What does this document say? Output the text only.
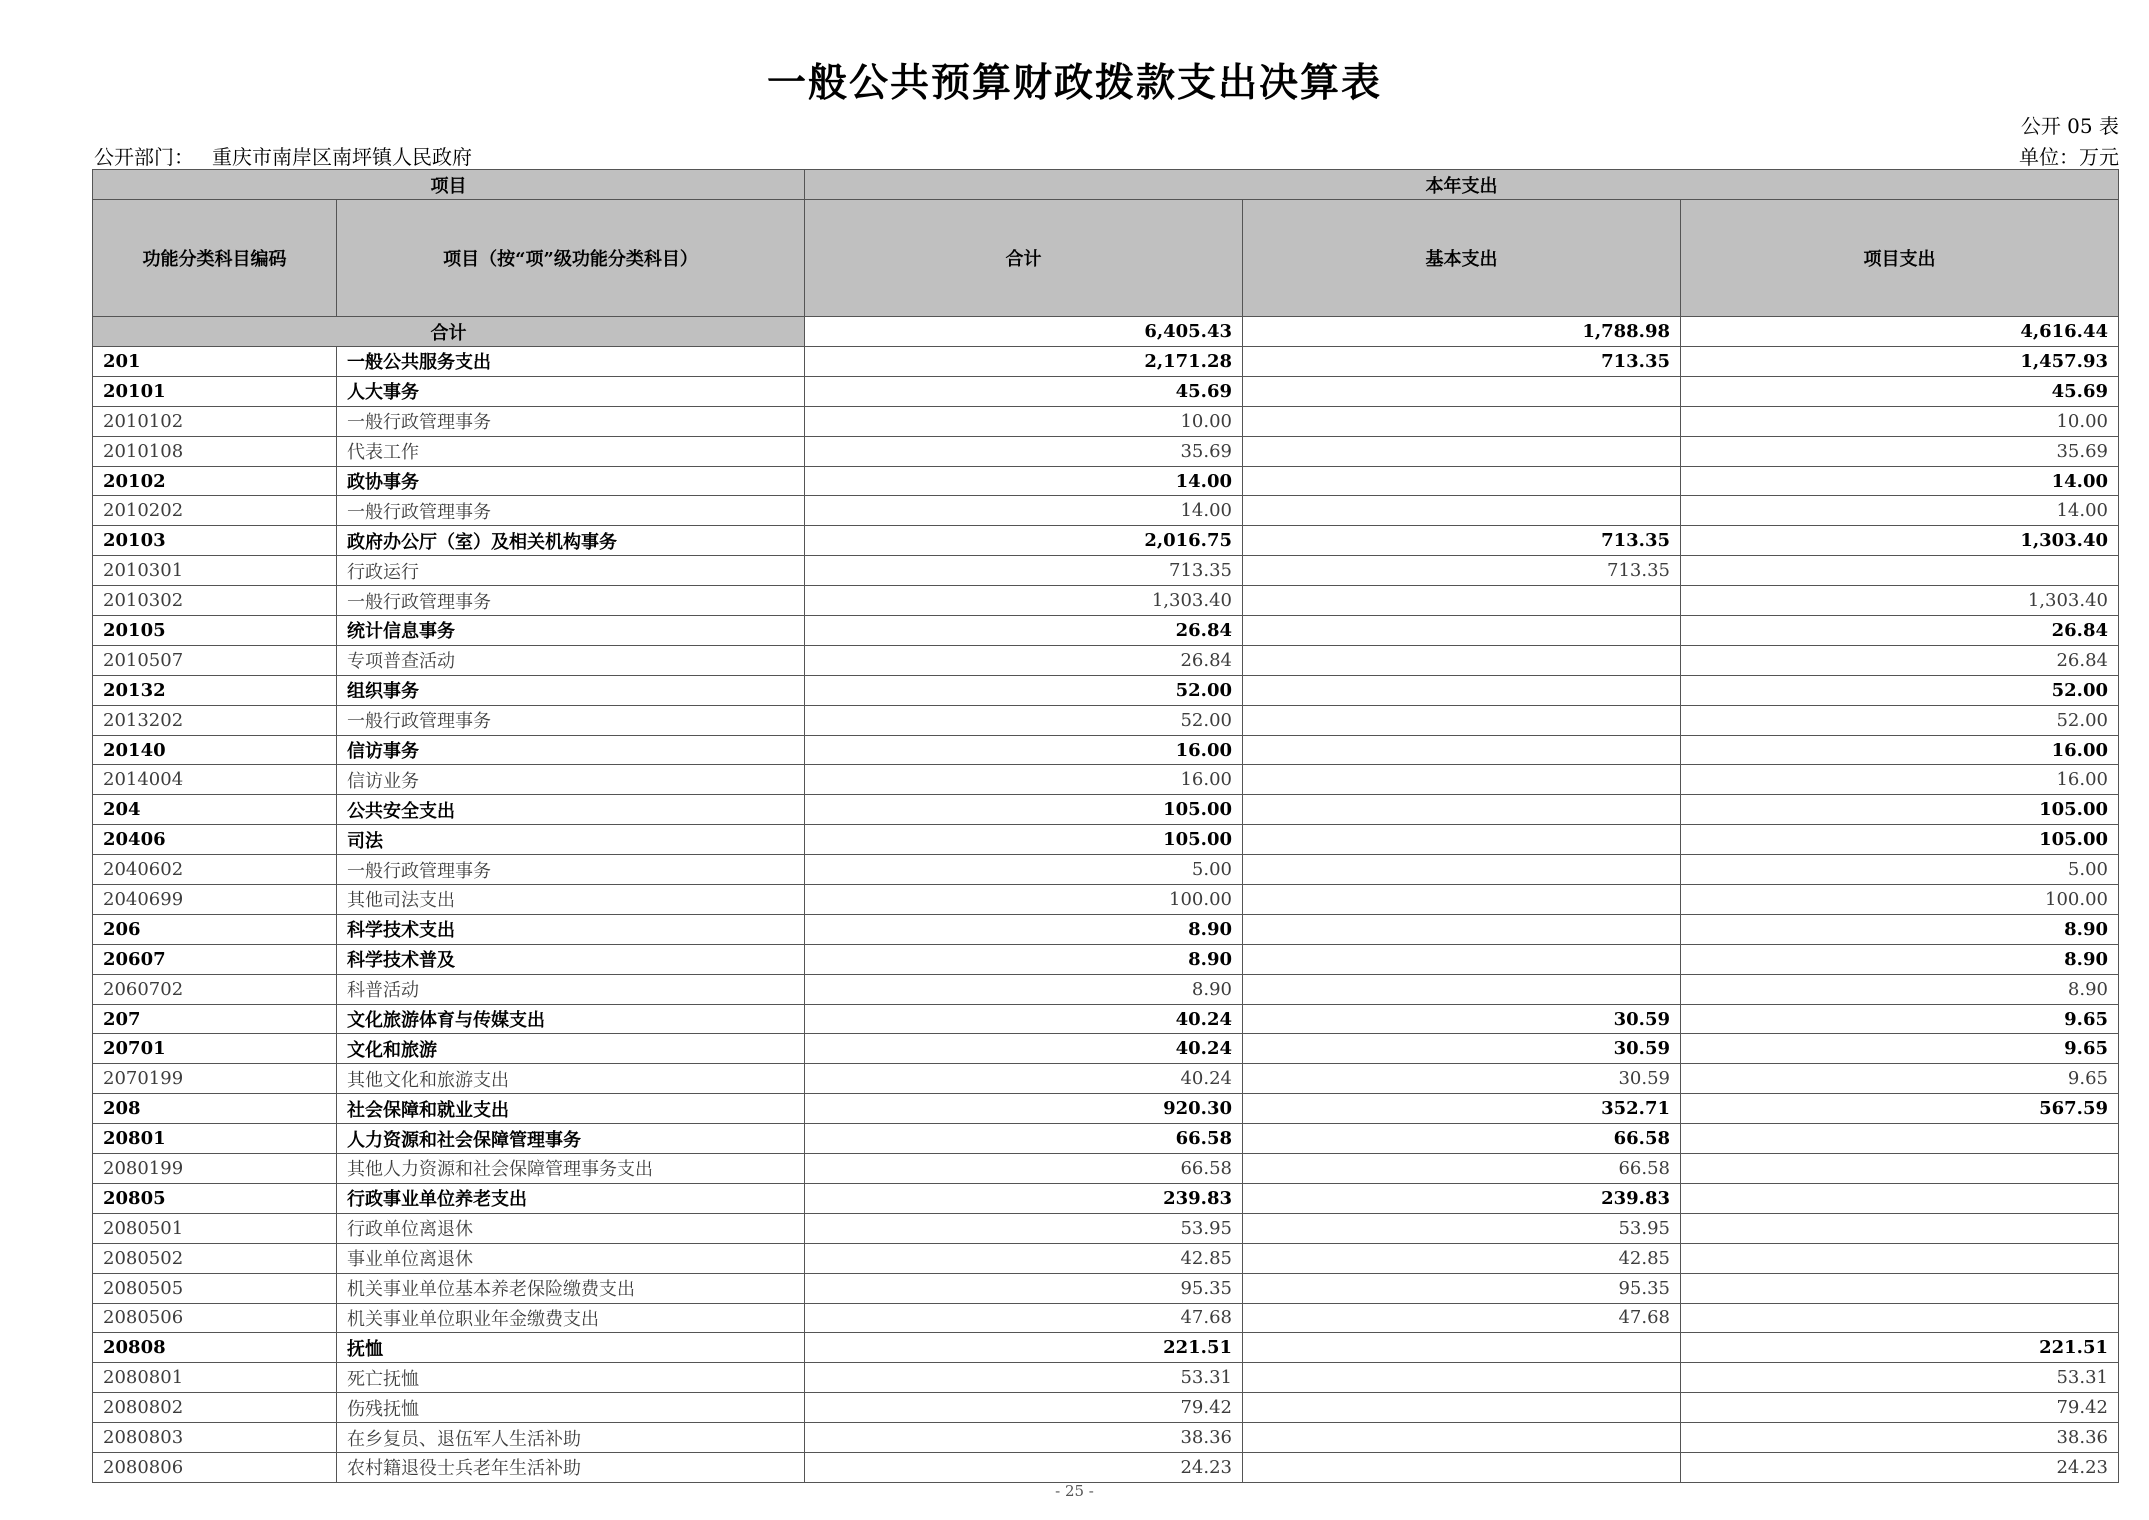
一般公共预算财政拨款支出决算表
公开 05 表
公开部门： 重庆市南岸区南坪镇人民政府	单位：万元
项目		本年支出		
功能分类科目编码	项目（按“项”级功能分类科目）	合计	基本支出	项目支出
合计		6,405.43	1,788.98	4,616.44
201	一般公共服务支出	2,171.28	713.35	1,457.93
20101	人大事务	45.69		45.69
2010102	一般行政管理事务	10.00		10.00
2010108	代表工作	35.69		35.69
20102	政协事务	14.00		14.00
2010202	一般行政管理事务	14.00		14.00
20103	政府办公厅（室）及相关机构事务	2,016.75	713.35	1,303.40
2010301	行政运行	713.35	713.35	
2010302	一般行政管理事务	1,303.40		1,303.40
20105	统计信息事务	26.84		26.84
2010507	专项普查活动	26.84		26.84
20132	组织事务	52.00		52.00
2013202	一般行政管理事务	52.00		52.00
20140	信访事务	16.00		16.00
2014004	信访业务	16.00		16.00
204	公共安全支出	105.00		105.00
20406	司法	105.00		105.00
2040602	一般行政管理事务	5.00		5.00
2040699	其他司法支出	100.00		100.00
206	科学技术支出	8.90		8.90
20607	科学技术普及	8.90		8.90
2060702	科普活动	8.90		8.90
207	文化旅游体育与传媒支出	40.24	30.59	9.65
20701	文化和旅游	40.24	30.59	9.65
2070199	其他文化和旅游支出	40.24	30.59	9.65
208	社会保障和就业支出	920.30	352.71	567.59
20801	人力资源和社会保障管理事务	66.58	66.58	
2080199	其他人力资源和社会保障管理事务支出	66.58	66.58	
20805	行政事业单位养老支出	239.83	239.83	
2080501	行政单位离退休	53.95	53.95	
2080502	事业单位离退休	42.85	42.85	
2080505	机关事业单位基本养老保险缴费支出	95.35	95.35	
2080506	机关事业单位职业年金缴费支出	47.68	47.68	
20808	抚恤	221.51		221.51
2080801	死亡抚恤	53.31		53.31
2080802	伤残抚恤	79.42		79.42
2080803	在乡复员、退伍军人生活补助	38.36		38.36
2080806	农村籍退役士兵老年生活补助	24.23		24.23
- 25 -
